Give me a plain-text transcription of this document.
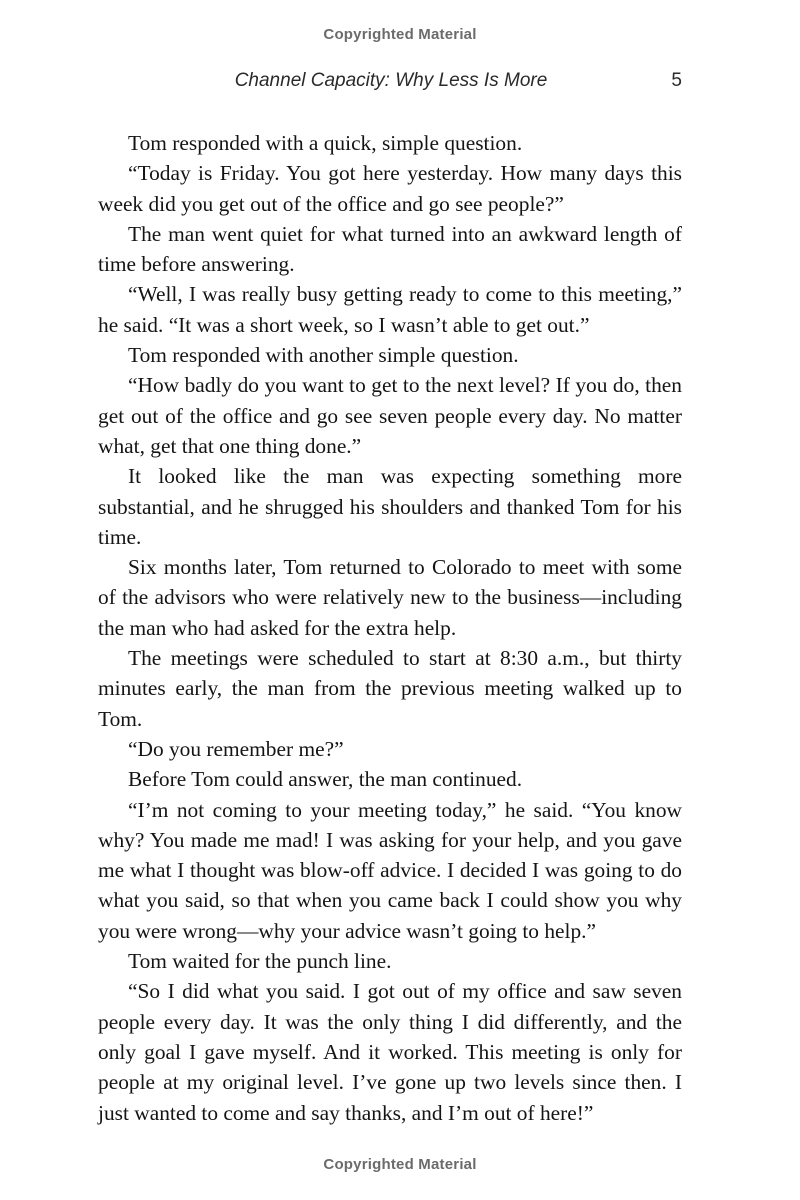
Copyrighted Material
Channel Capacity: Why Less Is More	5

Tom responded with a quick, simple question.

“Today is Friday. You got here yesterday. How many days this week did you get out of the office and go see people?”

The man went quiet for what turned into an awkward length of time before answering.

“Well, I was really busy getting ready to come to this meeting,” he said. “It was a short week, so I wasn’t able to get out.”

Tom responded with another simple question.

“How badly do you want to get to the next level? If you do, then get out of the office and go see seven people every day. No matter what, get that one thing done.”

It looked like the man was expecting something more substantial, and he shrugged his shoulders and thanked Tom for his time.

Six months later, Tom returned to Colorado to meet with some of the advisors who were relatively new to the business—including the man who had asked for the extra help.

The meetings were scheduled to start at 8:30 a.m., but thirty minutes early, the man from the previous meeting walked up to Tom.

“Do you remember me?”

Before Tom could answer, the man continued.

“I’m not coming to your meeting today,” he said. “You know why? You made me mad! I was asking for your help, and you gave me what I thought was blow-off advice. I decided I was going to do what you said, so that when you came back I could show you why you were wrong—why your advice wasn’t going to help.”

Tom waited for the punch line.

“So I did what you said. I got out of my office and saw seven people every day. It was the only thing I did differently, and the only goal I gave myself. And it worked. This meeting is only for people at my original level. I’ve gone up two levels since then. I just wanted to come and say thanks, and I’m out of here!”

Copyrighted Material
